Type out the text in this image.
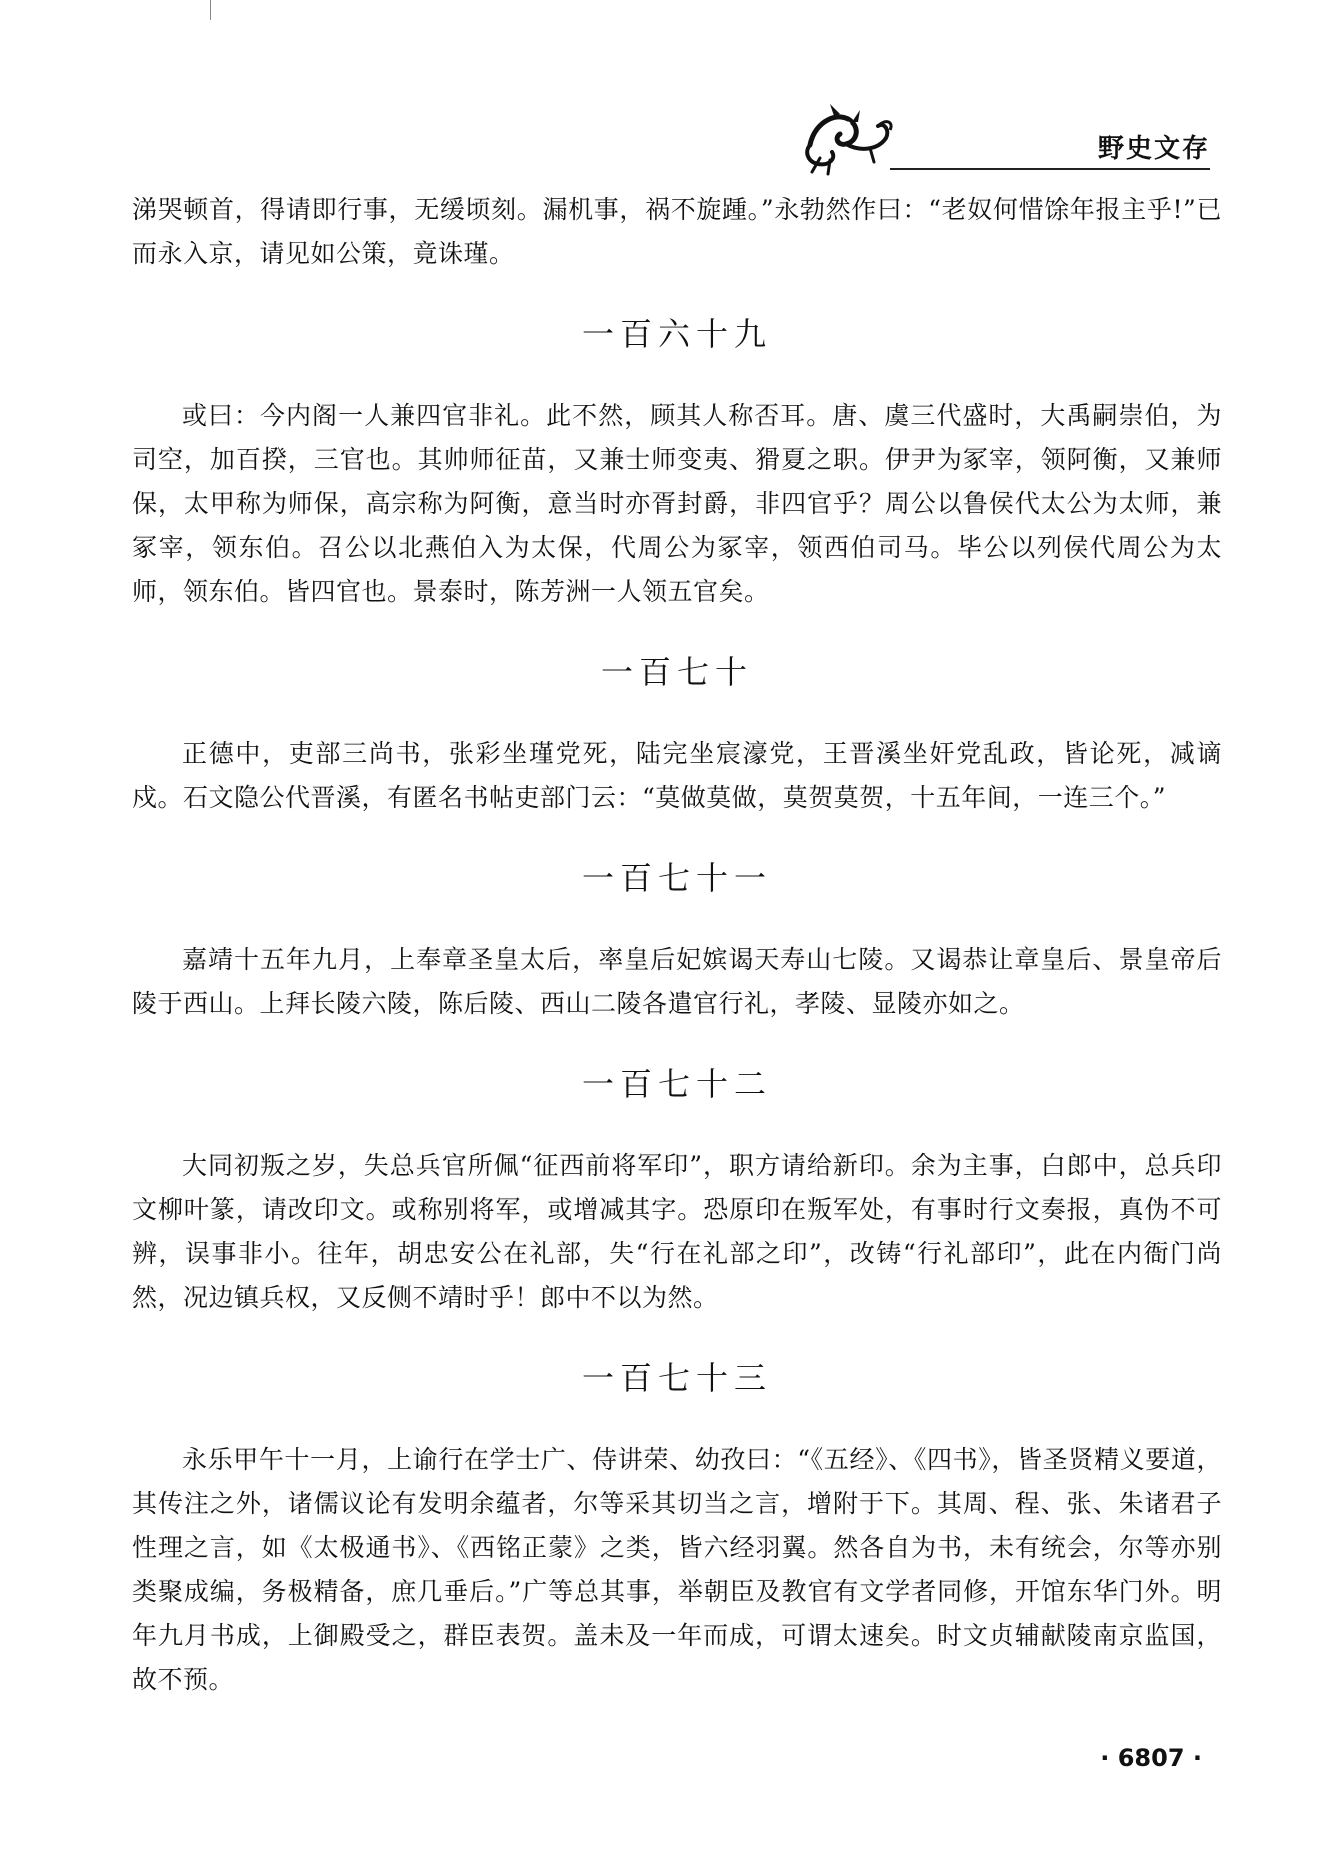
野史文存

涕哭顿首，得请即行事，无缓顷刻。漏机事，祸不旋踵。”永勃然作曰：“老奴何惜馀年报主乎!”已而永入京，请见如公策，竟诛瑾。

一百六十九

或曰：今内阁一人兼四官非礼。此不然，顾其人称否耳。唐、虞三代盛时，大禹嗣崇伯，为司空，加百揆，三官也。其帅师征苗，又兼士师变夷、猾夏之职。伊尹为冢宰，领阿衡，又兼师保，太甲称为师保，高宗称为阿衡，意当时亦胥封爵，非四官乎？周公以鲁侯代太公为太师，兼冢宰，领东伯。召公以北燕伯入为太保，代周公为冢宰，领西伯司马。毕公以列侯代周公为太师，领东伯。皆四官也。景泰时，陈芳洲一人领五官矣。

一百七十

正德中，吏部三尚书，张彩坐瑾党死，陆完坐宸濠党，王晋溪坐奸党乱政，皆论死，减谪戍。石文隐公代晋溪，有匿名书帖吏部门云：“莫做莫做，莫贺莫贺，十五年间，一连三个。”

一百七十一

嘉靖十五年九月，上奉章圣皇太后，率皇后妃嫔谒天寿山七陵。又谒恭让章皇后、景皇帝后陵于西山。上拜长陵六陵，陈后陵、西山二陵各遣官行礼，孝陵、显陵亦如之。

一百七十二

大同初叛之岁，失总兵官所佩“征西前将军印”，职方请给新印。余为主事，白郎中，总兵印文柳叶篆，请改印文。或称别将军，或增减其字。恐原印在叛军处，有事时行文奏报，真伪不可辨，误事非小。往年，胡忠安公在礼部，失“行在礼部之印”，改铸“行礼部印”，此在内衙门尚然，况边镇兵权，又反侧不靖时乎！郎中不以为然。

一百七十三

永乐甲午十一月，上谕行在学士广、侍讲荣、幼孜曰：“《五经》、《四书》，皆圣贤精义要道，其传注之外，诸儒议论有发明余蕴者，尔等采其切当之言，增附于下。其周、程、张、朱诸君子性理之言，如《太极通书》、《西铭正蒙》之类，皆六经羽翼。然各自为书，未有统会，尔等亦别类聚成编，务极精备，庶几垂后。”广等总其事，举朝臣及教官有文学者同修，开馆东华门外。明年九月书成，上御殿受之，群臣表贺。盖未及一年而成，可谓太速矣。时文贞辅献陵南京监国，故不预。

· 6807 ·
